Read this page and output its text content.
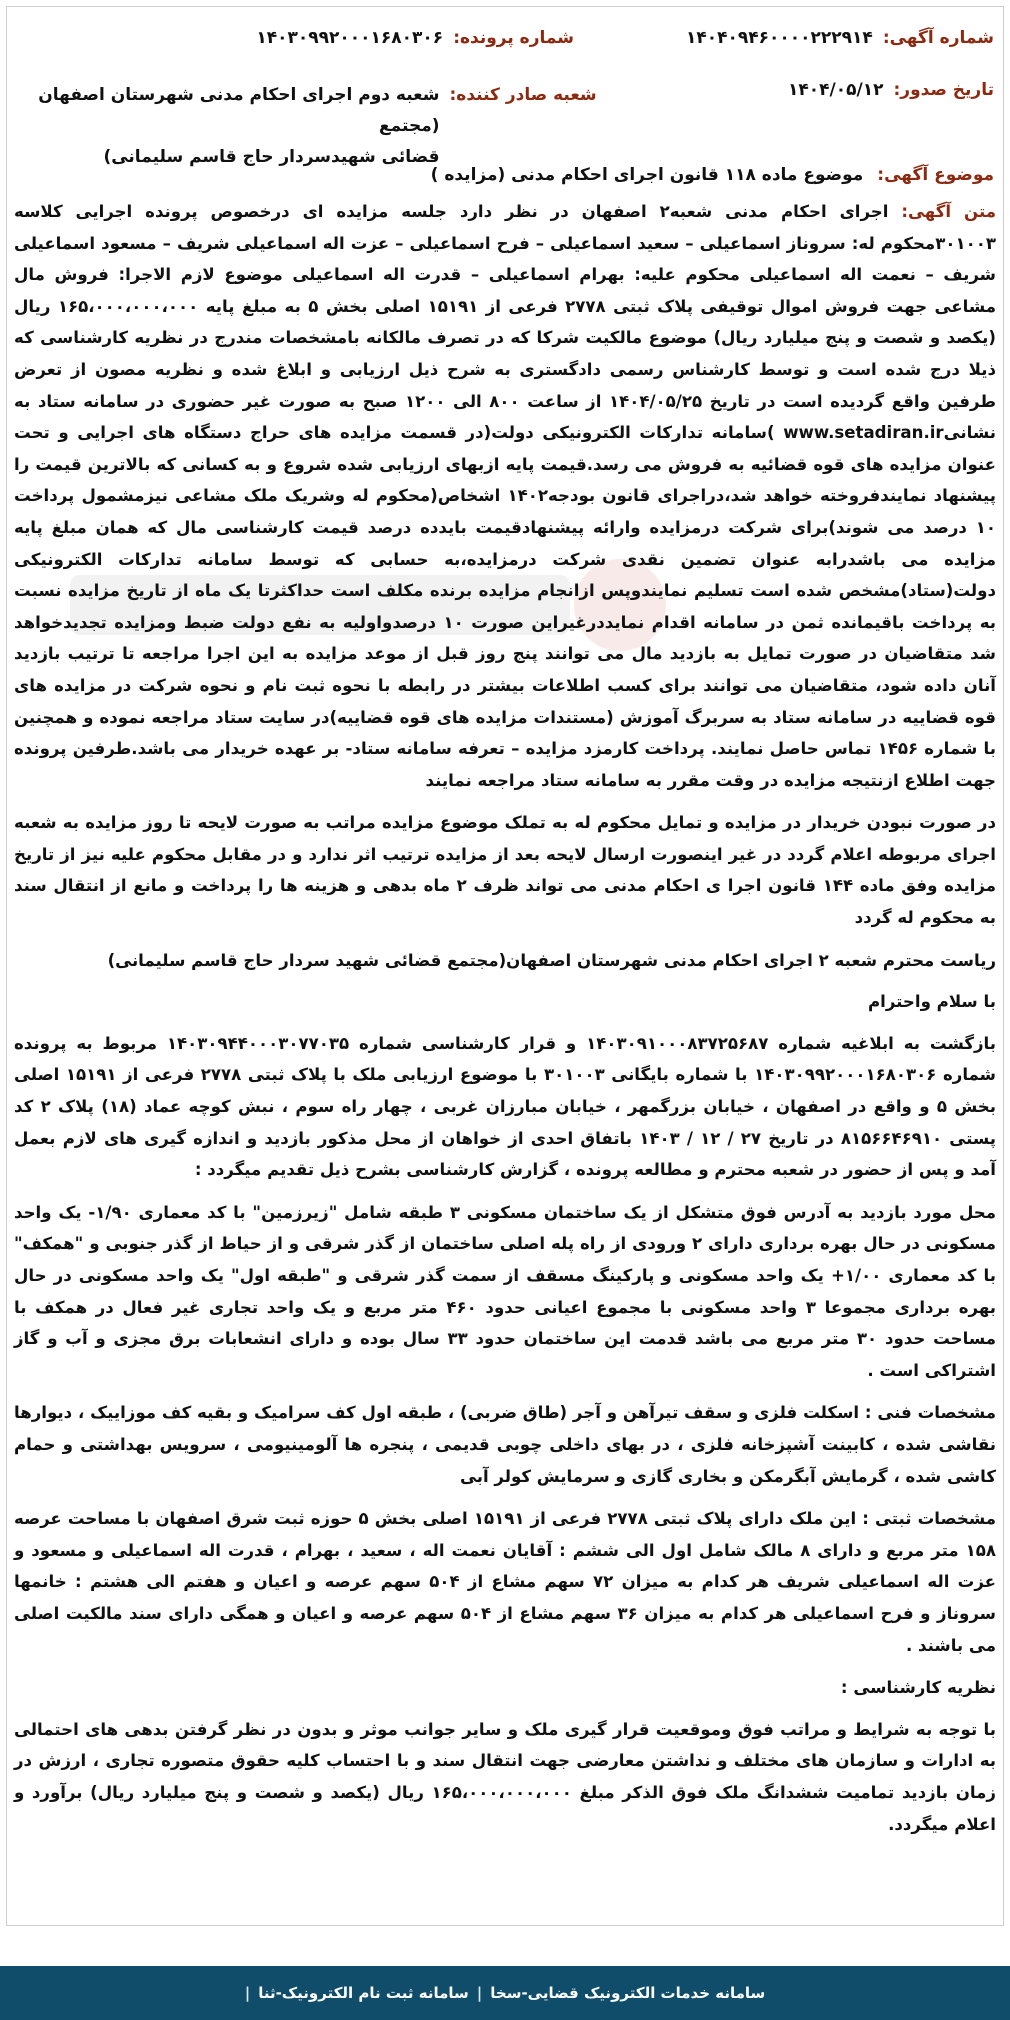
شماره آگهی:
۱۴۰۴۰۹۴۶۰۰۰۰۲۲۲۹۱۴
شماره پرونده:
۱۴۰۳۰۹۹۲۰۰۰۱۶۸۰۳۰۶
تاریخ صدور:
۱۴۰۴/۰۵/۱۲
شعبه صادر کننده:
شعبه دوم اجرای احکام مدنی شهرستان اصفهان (مجتمع
قضائی شهیدسردار حاج قاسم سلیمانی)
موضوع آگهی:
موضوع ماده ۱۱۸ قانون اجرای احکام مدنی (مزایده )

متن آگهی: اجرای احکام مدنی شعبه۲ اصفهان در نظر دارد جلسه مزایده ای درخصوص پرونده اجرایی کلاسه ۳۰۱۰۰۳محکوم له: سروناز اسماعیلی – سعید اسماعیلی – فرح اسماعیلی – عزت اله اسماعیلی شریف – مسعود اسماعیلی شریف – نعمت اله اسماعیلی محکوم علیه: بهرام اسماعیلی – قدرت اله اسماعیلی موضوع لازم الاجرا: فروش مال مشاعی جهت فروش اموال توقیفی پلاک ثبتی ۲۷۷۸ فرعی از ۱۵۱۹۱ اصلی بخش ۵ به مبلغ پایه ۱۶۵،۰۰۰،۰۰۰،۰۰۰ ریال (یکصد و شصت و پنج میلیارد ریال) موضوع مالکیت شرکا که در تصرف مالکانه بامشخصات مندرج در نظریه کارشناسی که ذیلا درج شده است و توسط کارشناس رسمی دادگستری به شرح ذیل ارزیابی و ابلاغ شده و نظریه مصون از تعرض طرفین واقع گردیده است در تاریخ ۱۴۰۴/۰۵/۲۵ از ساعت ۸۰۰ الی ۱۲۰۰ صبح به صورت غیر حضوری در سامانه ستاد به نشانیwww.setadiran.ir )سامانه تدارکات الکترونیکی دولت(در قسمت مزایده های حراج دستگاه های اجرایی و تحت عنوان مزایده های قوه قضائیه به فروش می رسد.قیمت پایه ازبهای ارزیابی شده شروع و به کسانی که بالاترین قیمت را پیشنهاد نمایندفروخته خواهد شد،دراجرای قانون بودجه۱۴۰۲ اشخاص(محکوم له وشریک ملک مشاعی نیزمشمول پرداخت ۱۰ درصد می شوند)برای شرکت درمزایده وارائه پیشنهادقیمت بایدده درصد قیمت کارشناسی مال که همان مبلغ پایه مزایده می باشدرابه عنوان تضمین نقدی شرکت درمزایده،به حسابی که توسط سامانه تدارکات الکترونیکی دولت(ستاد)مشخص شده است تسلیم نمایندوپس ازانجام مزایده برنده مکلف است حداکثرتا یک ماه از تاریخ مزایده نسبت به پرداخت باقیمانده ثمن در سامانه اقدام نمایددرغیراین صورت ۱۰ درصدواولیه به نفع دولت ضبط ومزایده تجدیدخواهد شد متقاضیان در صورت تمایل به بازدید مال می توانند پنج روز قبل از موعد مزایده به این اجرا مراجعه تا ترتیب بازدید آنان داده شود، متقاضیان می توانند برای کسب اطلاعات بیشتر در رابطه با نحوه ثبت نام و نحوه شرکت در مزایده های قوه قضاییه در سامانه ستاد به سربرگ آموزش (مستندات مزایده های قوه قضاییه)در سایت ستاد مراجعه نموده و همچنین با شماره ۱۴۵۶ تماس حاصل نمایند. پرداخت کارمزد مزایده – تعرفه سامانه ستاد- بر عهده خریدار می باشد.طرفین پرونده جهت اطلاع ازنتیجه مزایده در وقت مقرر به سامانه ستاد مراجعه نمایند

در صورت نبودن خریدار در مزایده و تمایل محکوم له به تملک موضوع مزایده مراتب به صورت لایحه تا روز مزایده به شعبه اجرای مربوطه اعلام گردد در غیر اینصورت ارسال لایحه بعد از مزایده ترتیب اثر ندارد و در مقابل محکوم علیه نیز از تاریخ مزایده وفق ماده ۱۴۴ قانون اجرا ی احکام مدنی می تواند ظرف ۲ ماه بدهی و هزینه ها را پرداخت و مانع از انتقال سند به محکوم له گردد

ریاست محترم شعبه ۲ اجرای احکام مدنی شهرستان اصفهان(مجتمع قضائی شهید سردار حاج قاسم سلیمانی)

با سلام واحترام

بازگشت به ابلاغیه شماره ۱۴۰۳۰۹۱۰۰۰۸۳۷۲۵۶۸۷ و قرار کارشناسی شماره ۱۴۰۳۰۹۴۴۰۰۰۳۰۷۷۰۳۵ مربوط به پرونده شماره ۱۴۰۳۰۹۹۲۰۰۰۱۶۸۰۳۰۶ با شماره بایگانی ۳۰۱۰۰۳ با موضوع ارزیابی ملک با پلاک ثبتی ۲۷۷۸ فرعی از ۱۵۱۹۱ اصلی بخش ۵ و واقع در اصفهان ، خیابان بزرگمهر ، خیابان مبارزان غربی ، چهار راه سوم ، نبش کوچه عماد (۱۸) پلاک ۲ کد پستی ۸۱۵۶۶۴۶۹۱۰ در تاریخ ۲۷ / ۱۲ / ۱۴۰۳ باتفاق احدی از خواهان از محل مذکور بازدید و اندازه گیری های لازم بعمل آمد و پس از حضور در شعبه محترم و مطالعه پرونده ، گزارش کارشناسی بشرح ذیل تقدیم میگردد :

محل مورد بازدید به آدرس فوق متشکل از یک ساختمان مسکونی ۳ طبقه شامل "زیرزمین" با کد معماری ۱/۹۰- یک واحد مسکونی در حال بهره برداری دارای ۲ ورودی از راه پله اصلی ساختمان از گذر شرقی و از حیاط از گذر جنوبی و "همکف" با کد معماری ۱/۰۰+ یک واحد مسکونی و پارکینگ مسقف از سمت گذر شرقی و "طبقه اول" یک واحد مسکونی در حال بهره برداری مجموعا ۳ واحد مسکونی با مجموع اعیانی حدود ۴۶۰ متر مربع و یک واحد تجاری غیر فعال در همکف با مساحت حدود ۳۰ متر مربع می باشد قدمت این ساختمان حدود ۳۳ سال بوده و دارای انشعابات برق مجزی و آب و گاز اشتراکی است .

مشخصات فنی : اسکلت فلزی و سقف تیرآهن و آجر (طاق ضربی) ، طبقه اول کف سرامیک و بقیه کف موزاییک ، دیوارها نقاشی شده ، کابینت آشپزخانه فلزی ، در بهای داخلی چوبی قدیمی ، پنجره ها آلومینیومی ، سرویس بهداشتی و حمام کاشی شده ، گرمایش آبگرمکن و بخاری گازی و سرمایش کولر آبی

مشخصات ثبتی : این ملک دارای پلاک ثبتی ۲۷۷۸ فرعی از ۱۵۱۹۱ اصلی بخش ۵ حوزه ثبت شرق اصفهان با مساحت عرصه ۱۵۸ متر مربع و دارای ۸ مالک شامل اول الی ششم : آقایان نعمت اله ، سعید ، بهرام ، قدرت اله اسماعیلی و مسعود و عزت اله اسماعیلی شریف هر کدام به میزان ۷۲ سهم مشاع از ۵۰۴ سهم عرصه و اعیان و هفتم الی هشتم : خانمها سروناز و فرح اسماعیلی هر کدام به میزان ۳۶ سهم مشاع از ۵۰۴ سهم عرصه و اعیان و همگی دارای سند مالکیت اصلی می باشند .

نظریه کارشناسی :

با توجه به شرایط و مراتب فوق وموقعیت قرار گیری ملک و سایر جوانب موثر و بدون در نظر گرفتن بدهی های احتمالی به ادارات و سازمان های مختلف و نداشتن معارضی جهت انتقال سند و با احتساب کلیه حقوق متصوره تجاری ، ارزش در زمان بازدید تمامیت ششدانگ ملک فوق الذکر مبلغ ۱۶۵،۰۰۰،۰۰۰،۰۰۰ ریال (یکصد و شصت و پنج میلیارد ریال) برآورد و اعلام میگردد.

سامانه خدمات الکترونیک قضایی-سخا
|
سامانه ثبت نام الکترونیک-ثنا
|
